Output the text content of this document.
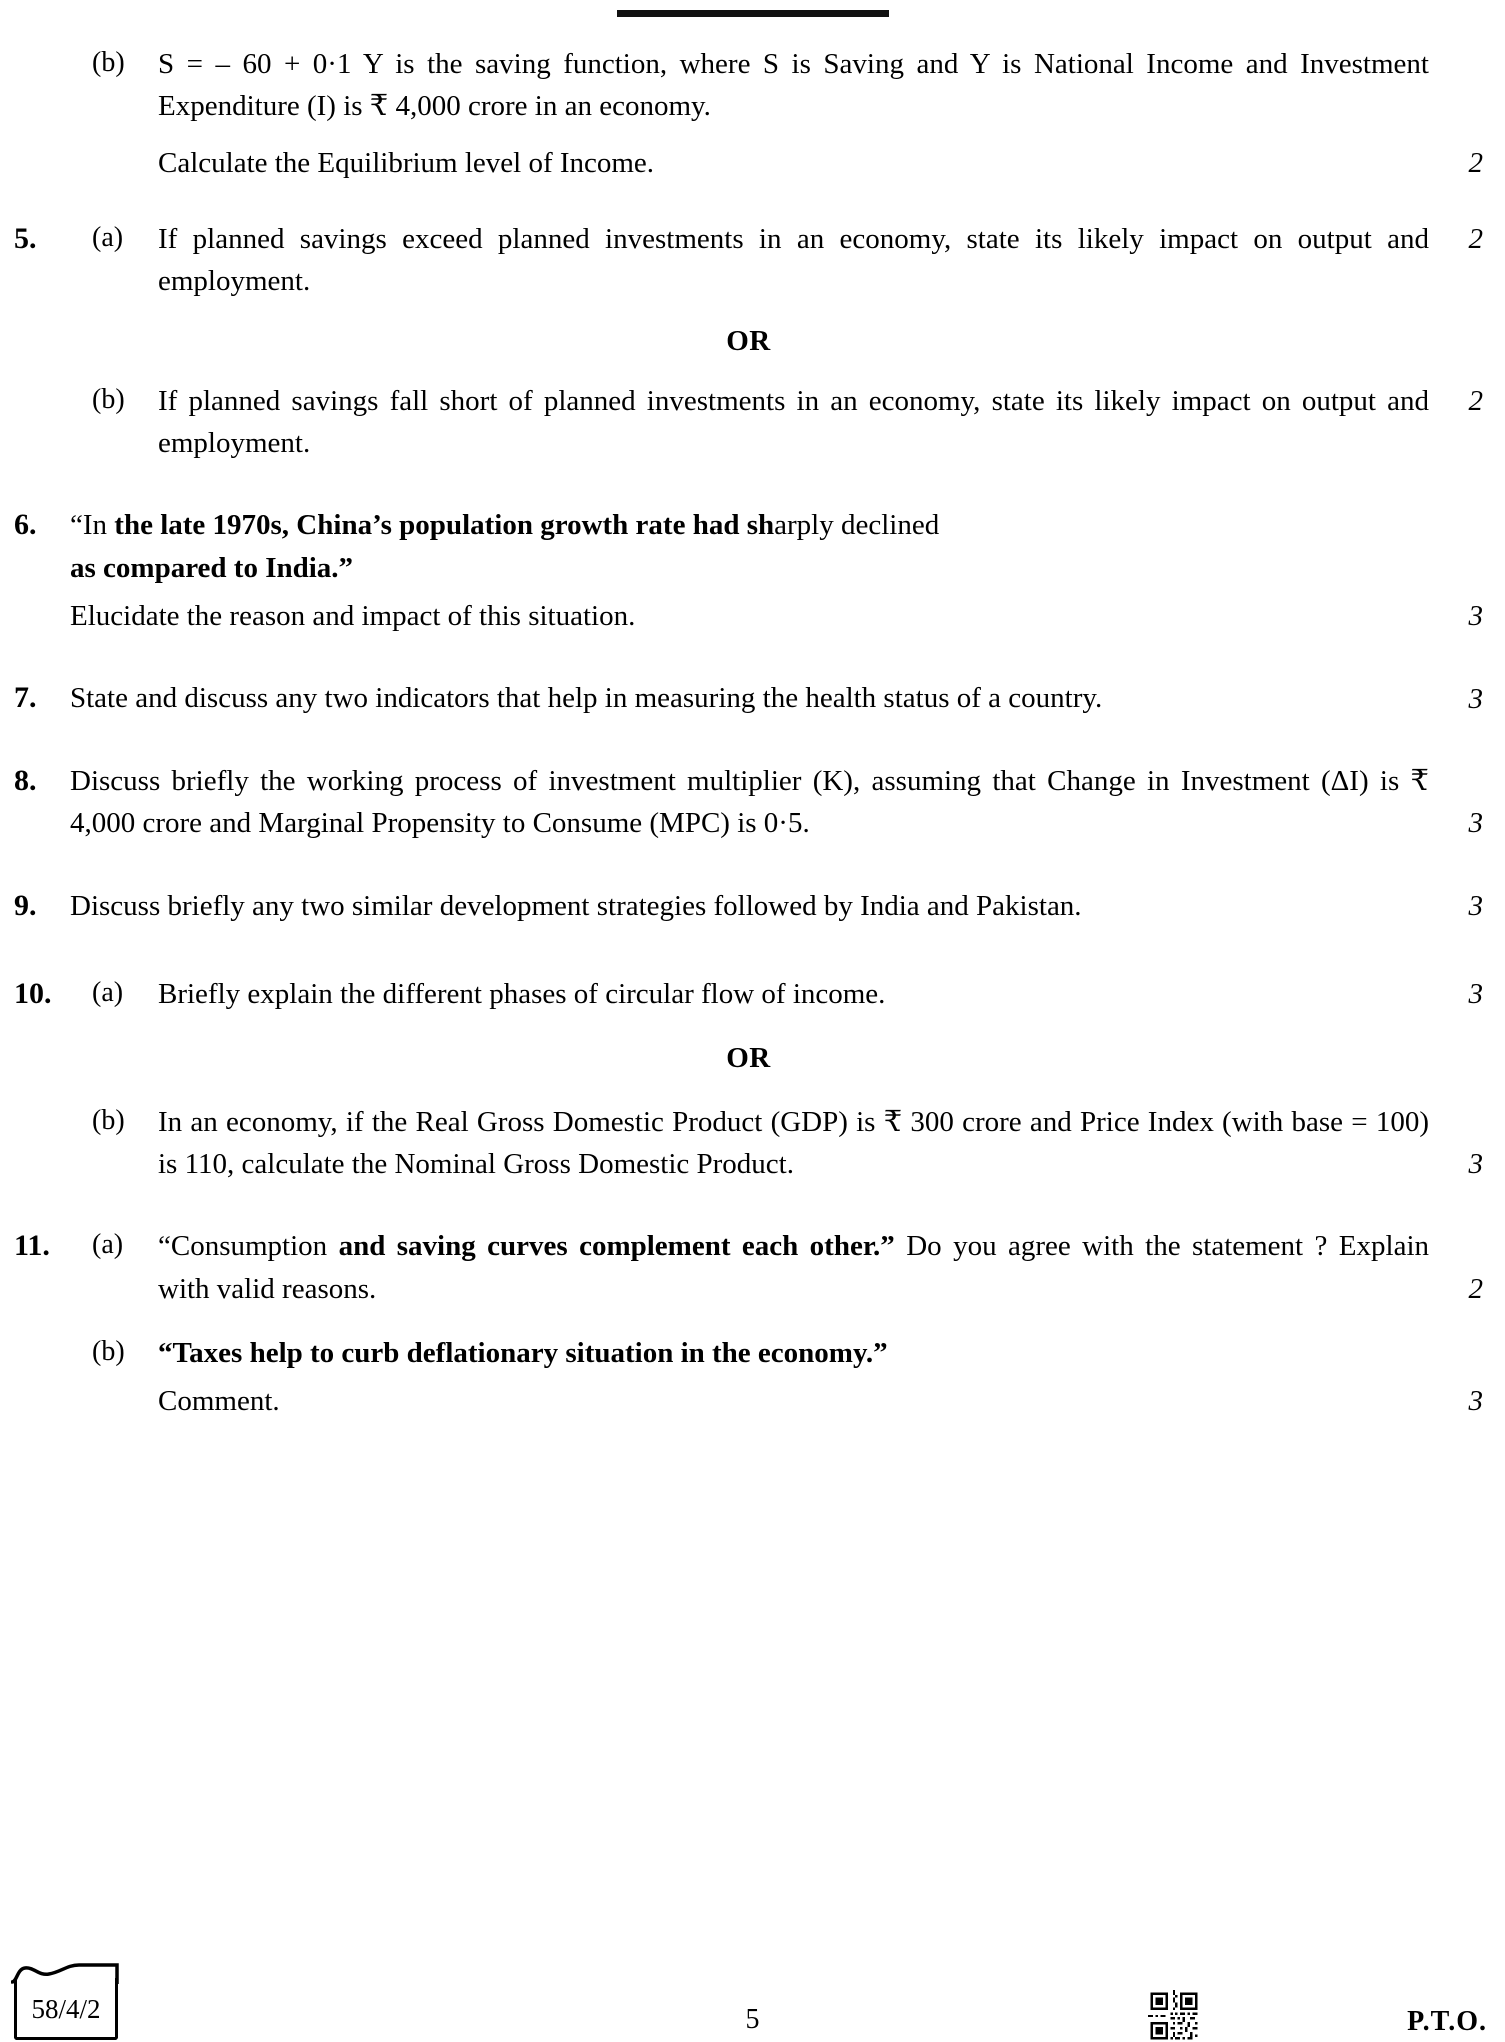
(b)	S = – 60 + 0·1 Y is the saving function, where S is Saving and Y is National Income and Investment Expenditure (I) is ₹ 4,000 crore in an economy.
Calculate the Equilibrium level of Income.	2
5.	(a)	If planned savings exceed planned investments in an economy, state its likely impact on output and employment.
2
OR
(b)	If planned savings fall short of planned investments in an economy, state its likely impact on output and employment.
2
6.	“In the late 1970s, China’s population growth rate had sharply declined
as compared to India.”
Elucidate the reason and impact of this situation.	3
7.	State and discuss any two indicators that help in measuring the health status of a country.	3
8.	Discuss briefly the working process of investment multiplier (K), assuming that Change in Investment (ΔI) is ₹ 4,000 crore and Marginal Propensity to Consume (MPC) is 0·5.	3
9.	Discuss briefly any two similar development strategies followed by India and Pakistan.	3
10.	(a)	Briefly explain the different phases of circular flow of income.	3
OR
(b)	In an economy, if the Real Gross Domestic Product (GDP) is ₹ 300 crore and Price Index (with base = 100) is 110, calculate the Nominal Gross Domestic Product.	3
11.	(a)	“Consumption and saving curves complement each other.” Do you agree with the statement ? Explain with valid reasons.	2
(b)	“Taxes help to curb deflationary situation in the economy.”
Comment.	3
58/4/2	5	P.T.O.
